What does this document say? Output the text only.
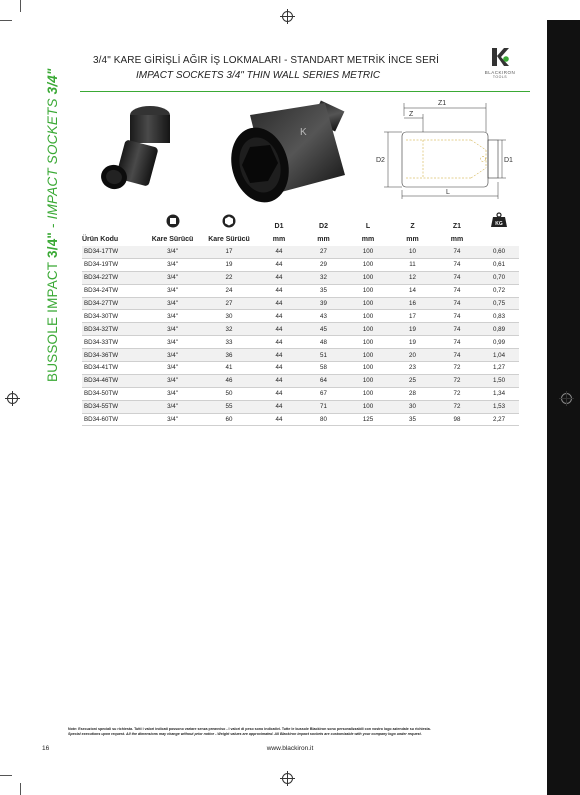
BUSSOLE IMPACT 3/4" - IMPACT SOCKETS 3/4"
3/4" KARE GİRİŞLİ AĞIR İŞ LOKMALARI - STANDART METRİK İNCE SERİ
IMPACT SOCKETS 3/4" THIN WALL SERIES METRIC	BLACKIRON
TOOLS
K
Z1
Z
D2	D1
L
			D1	D2	L	Z	Z1	KG

Ürün Kodu	Kare Sürücü	Kare Sürücü	mm	mm	mm	mm	mm	
BD34-17TW	3/4"	17	44	27	100	10	74	0,60
BD34-19TW	3/4"	19	44	29	100	11	74	0,61
BD34-22TW	3/4"	22	44	32	100	12	74	0,70
BD34-24TW	3/4"	24	44	35	100	14	74	0,72
BD34-27TW	3/4"	27	44	39	100	16	74	0,75
BD34-30TW	3/4"	30	44	43	100	17	74	0,83
BD34-32TW	3/4"	32	44	45	100	19	74	0,89
BD34-33TW	3/4"	33	44	48	100	19	74	0,99
BD34-36TW	3/4"	36	44	51	100	20	74	1,04
BD34-41TW	3/4"	41	44	58	100	23	72	1,27
BD34-46TW	3/4"	46	44	64	100	25	72	1,50
BD34-50TW	3/4"	50	44	67	100	28	72	1,34
BD34-55TW	3/4"	55	44	71	100	30	72	1,53
BD34-60TW	3/4"	60	44	80	125	35	98	2,27
Note: Esecuzioni speciali su richiesta. Tutti i valori indicati possono variare senza preavviso - I valori di peso sono indicativi. Tutte le bussole Blackiron sono personalizzabili con vostro logo aziendale su richiesta.
Special executions upon request. All the dimensions may change without prior notice - Weight values are approximated. All Blackiron impact sockets are customizable with your company logo under request.
16	www.blackiron.it
